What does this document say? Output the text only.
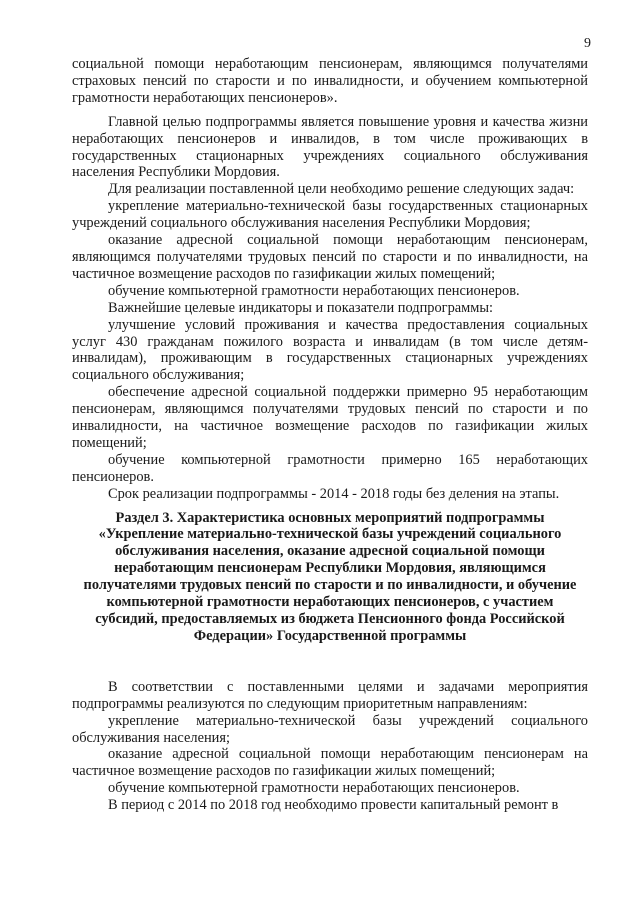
9

социальной помощи неработающим пенсионерам, являющимся получателями страховых пенсий по старости и по инвалидности, и обучением компьютерной грамотности неработающих пенсионеров».

Главной целью подпрограммы является повышение уровня и качества жизни неработающих пенсионеров и инвалидов, в том числе проживающих в государственных стационарных учреждениях социального обслуживания населения Республики Мордовия.

Для реализации поставленной цели необходимо решение следующих задач:

укрепление материально-технической базы государственных стационарных учреждений социального обслуживания населения Республики Мордовия;

оказание адресной социальной помощи неработающим пенсионерам, являющимся получателями трудовых пенсий по старости и по инвалидности, на частичное возмещение расходов по газификации жилых помещений;

обучение компьютерной грамотности неработающих пенсионеров.

Важнейшие целевые индикаторы и показатели подпрограммы:

улучшение условий проживания и качества предоставления социальных услуг 430 гражданам пожилого возраста и инвалидам (в том числе детям-инвалидам), проживающим в государственных стационарных учреждениях социального обслуживания;

обеспечение адресной социальной поддержки примерно 95 неработающим пенсионерам, являющимся получателями трудовых пенсий по старости и по инвалидности, на частичное возмещение расходов по газификации жилых помещений;

обучение компьютерной грамотности примерно 165 неработающих пенсионеров.

Срок реализации подпрограммы - 2014 - 2018 годы без деления на этапы.

Раздел 3. Характеристика основных мероприятий подпрограммы «Укрепление материально-технической базы учреждений социального обслуживания населения, оказание адресной социальной помощи неработающим пенсионерам Республики Мордовия, являющимся получателями трудовых пенсий по старости и по инвалидности, и обучение компьютерной грамотности неработающих пенсионеров, с участием субсидий, предоставляемых из бюджета Пенсионного фонда Российской Федерации» Государственной программы

В соответствии с поставленными целями и задачами мероприятия подпрограммы реализуются по следующим приоритетным направлениям:

укрепление материально-технической базы учреждений социального обслуживания населения;

оказание адресной социальной помощи неработающим пенсионерам на частичное возмещение расходов по газификации жилых помещений;

обучение компьютерной грамотности неработающих пенсионеров.

В период с 2014 по 2018 год необходимо провести капитальный ремонт в
